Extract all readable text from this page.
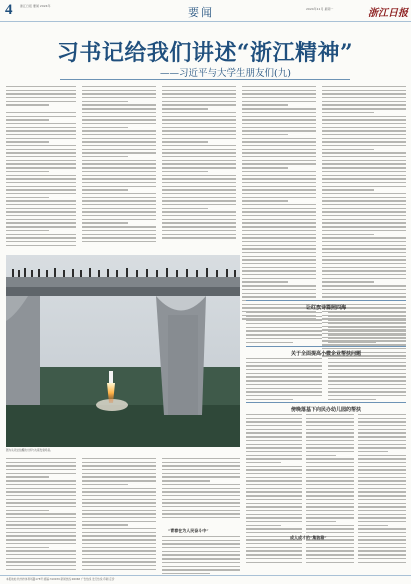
4	浙江日报 要闻 2024年	要闻	2024年11月 星期一	浙江日报
习书记给我们讲述“浙江精神”
——习近平与大学生朋友们(九)
图为从远处拍摄的大桥与火箭发射场景。
让红旗诗篇照四海
关于全面提高小微企业帮扶问题
傍晚落基下向民办幼儿园的帮扶
“青春在为人民奋斗中”
成人成才的“集装箱”
本报地址:杭州市体育场路178号 邮编:310039 新闻热线:96068 广告热线 发行热线 印刷 定价
